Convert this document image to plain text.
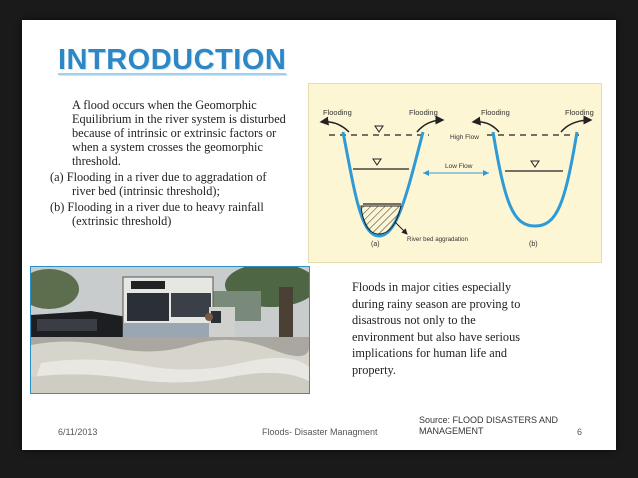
INTRODUCTION
A flood occurs when the Geomorphic
Equilibrium in the river system is disturbed
because of intrinsic or extrinsic factors or
when a system crosses the geomorphic
threshold.
(a) Flooding in a river due to aggradation of
river bed (intrinsic threshold);
(b) Flooding in a river due to heavy rainfall
(extrinsic threshold)
Flooding	Flooding	Flooding	Flooding
High Flow
Low Flow
River bed aggradation
(a)	(b)
Floods in major cities especially
during rainy season are proving to
disastrous not only to the
environment but also have serious
implications for human life and
property.
6/11/2013	Floods- Disaster Managment
Source: FLOOD DISASTERS AND
MANAGEMENT	6
